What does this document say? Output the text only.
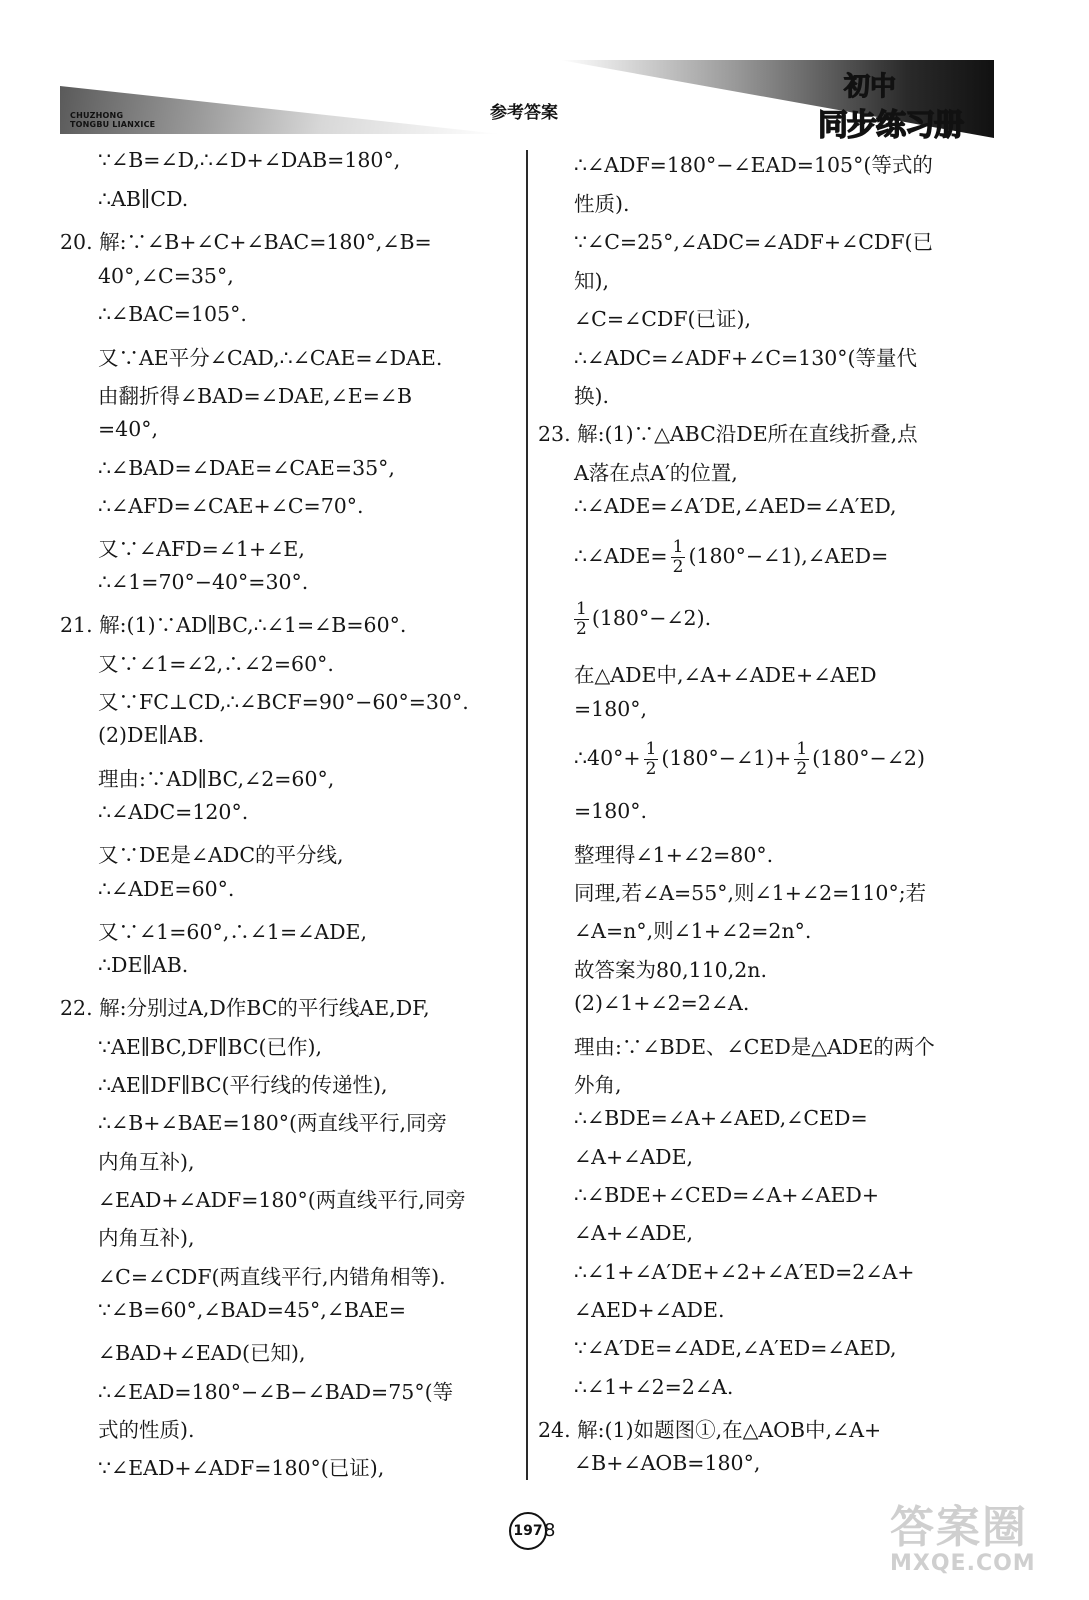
CHUZHONG
TONGBU LIANXICE
参考答案
初中
同步练习册
∵∠B=∠D,∴∠D+∠DAB=180°,
∴AB∥CD.
20. 解:∵∠B+∠C+∠BAC=180°,∠B=
40°,∠C=35°,
∴∠BAC=105°.
又∵AE平分∠CAD,∴∠CAE=∠DAE.
由翻折得∠BAD=∠DAE,∠E=∠B
=40°,
∴∠BAD=∠DAE=∠CAE=35°,
∴∠AFD=∠CAE+∠C=70°.
又∵∠AFD=∠1+∠E,
∴∠1=70°−40°=30°.
21. 解:(1)∵AD∥BC,∴∠1=∠B=60°.
又∵∠1=∠2,∴∠2=60°.
又∵FC⊥CD,∴∠BCF=90°−60°=30°.
(2)DE∥AB.
理由:∵AD∥BC,∠2=60°,
∴∠ADC=120°.
又∵DE是∠ADC的平分线,
∴∠ADE=60°.
又∵∠1=60°,∴∠1=∠ADE,
∴DE∥AB.
22. 解:分别过A,D作BC的平行线AE,DF,
∵AE∥BC,DF∥BC(已作),
∴AE∥DF∥BC(平行线的传递性),
∴∠B+∠BAE=180°(两直线平行,同旁
内角互补),
∠EAD+∠ADF=180°(两直线平行,同旁
内角互补),
∠C=∠CDF(两直线平行,内错角相等).
∵∠B=60°,∠BAD=45°,∠BAE=
∠BAD+∠EAD(已知),
∴∠EAD=180°−∠B−∠BAD=75°(等
式的性质).
∵∠EAD+∠ADF=180°(已证),
∴∠ADE= $\frac{1}{2}$ (180°−∠1),∠AED=
$\frac{1}{2}$ (180°−∠2).
∴40°+ $\frac{1}{2}$ (180°−∠1)+ $\frac{1}{2}$ (180°−∠2)
∴∠ADF=180°−∠EAD=105°(等式的
性质).
∵∠C=25°,∠ADC=∠ADF+∠CDF(已
知),
∠C=∠CDF(已证),
∴∠ADC=∠ADF+∠C=130°(等量代
换).
23. 解:(1)∵△ABC沿DE所在直线折叠,点
A落在点A′的位置,
∴∠ADE=∠A′DE,∠AED=∠A′ED,
在△ADE中,∠A+∠ADE+∠AED
=180°,
=180°.
整理得∠1+∠2=80°.
同理,若∠A=55°,则∠1+∠2=110°;若
∠A=n°,则∠1+∠2=2n°.
故答案为80,110,2n.
(2)∠1+∠2=2∠A.
理由:∵∠BDE、∠CED是△ADE的两个
外角,
∴∠BDE=∠A+∠AED,∠CED=
∠A+∠ADE,
∴∠BDE+∠CED=∠A+∠AED+
∠A+∠ADE,
∴∠1+∠A′DE+∠2+∠A′ED=2∠A+
∠AED+∠ADE.
∵∠A′DE=∠ADE,∠A′ED=∠AED,
∴∠1+∠2=2∠A.
24. 解:(1)如题图①,在△AOB中,∠A+
∠B+∠AOB=180°,
197 8	答案圈
MXQE.COM
